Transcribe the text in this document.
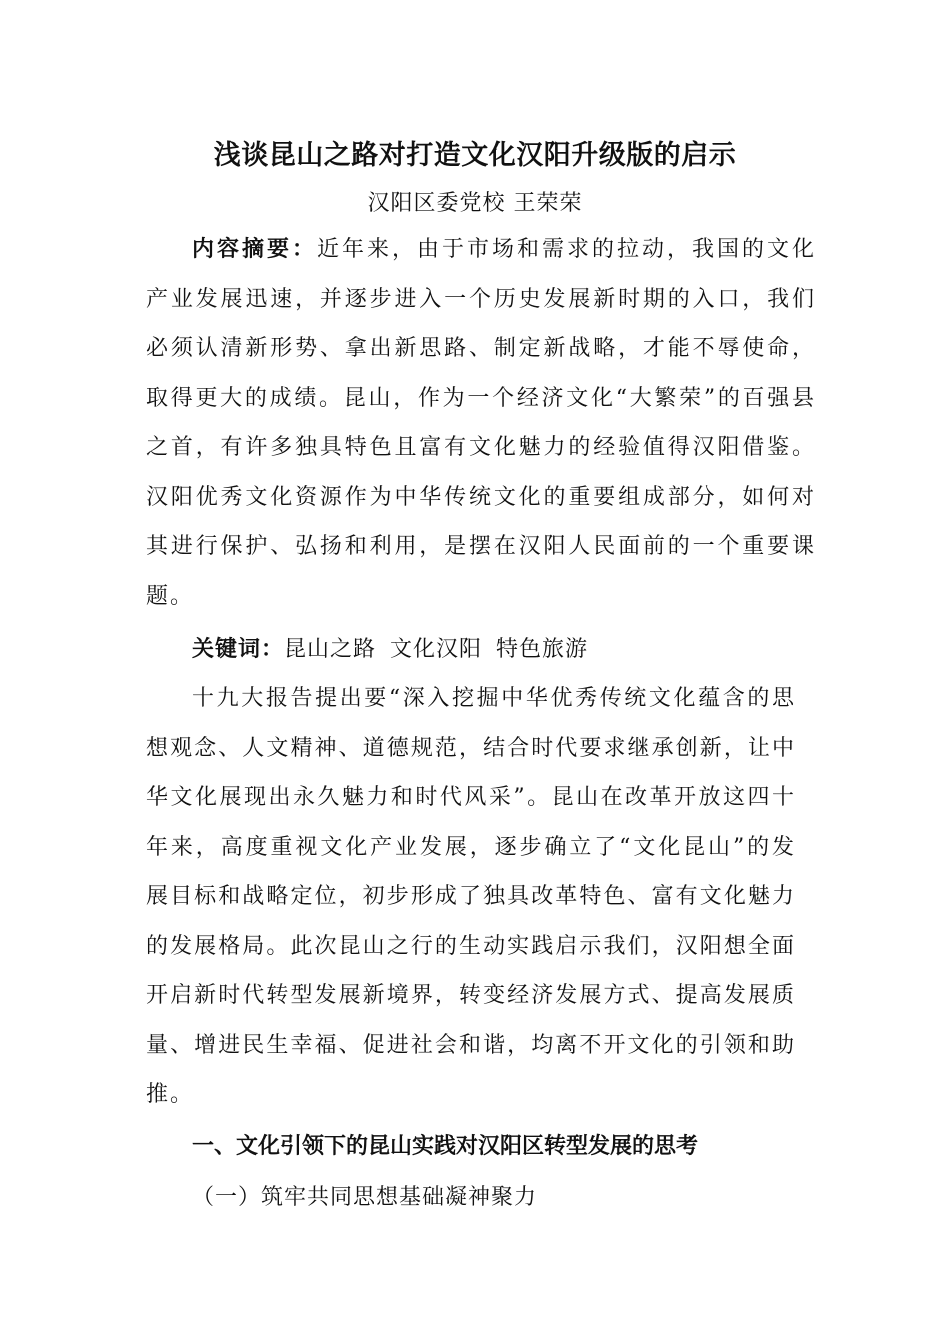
浅谈昆山之路对打造文化汉阳升级版的启示
汉阳区委党校 王荣荣
内容摘要：近年来，由于市场和需求的拉动，我国的文化产业发展迅速，并逐步进入一个历史发展新时期的入口，我们必须认清新形势、拿出新思路、制定新战略，才能不辱使命，取得更大的成绩。昆山，作为一个经济文化“大繁荣”的百强县之首，有许多独具特色且富有文化魅力的经验值得汉阳借鉴。汉阳优秀文化资源作为中华传统文化的重要组成部分，如何对其进行保护、弘扬和利用，是摆在汉阳人民面前的一个重要课题。
关键词：昆山之路 文化汉阳 特色旅游
十九大报告提出要“深入挖掘中华优秀传统文化蕴含的思想观念、人文精神、道德规范，结合时代要求继承创新，让中华文化展现出永久魅力和时代风采”。昆山在改革开放这四十年来，高度重视文化产业发展，逐步确立了“文化昆山”的发展目标和战略定位，初步形成了独具改革特色、富有文化魅力的发展格局。此次昆山之行的生动实践启示我们，汉阳想全面开启新时代转型发展新境界，转变经济发展方式、提高发展质量、增进民生幸福、促进社会和谐，均离不开文化的引领和助推。
一、文化引领下的昆山实践对汉阳区转型发展的思考
（一）筑牢共同思想基础凝神聚力
